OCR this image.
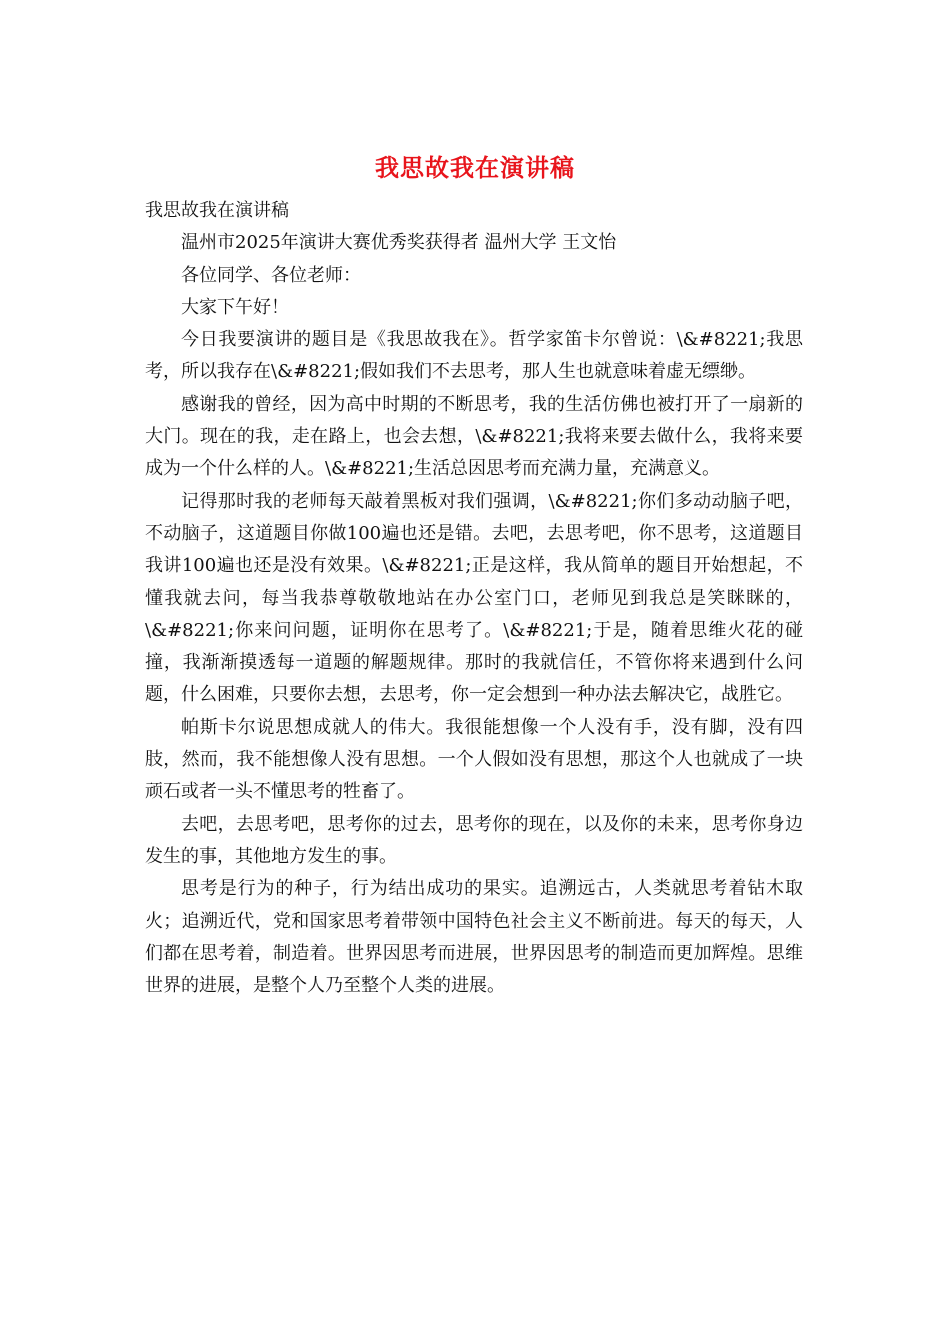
我思故我在演讲稿

我思故我在演讲稿

温州市2025年演讲大赛优秀奖获得者 温州大学 王文怡

各位同学、各位老师：

大家下午好！

今日我要演讲的题目是《我思故我在》。哲学家笛卡尔曾说：\&#8221;我思考，所以我存在\&#8221;假如我们不去思考，那人生也就意味着虚无缥缈。

感谢我的曾经，因为高中时期的不断思考，我的生活仿佛也被打开了一扇新的大门。现在的我，走在路上，也会去想，\&#8221;我将来要去做什么，我将来要成为一个什么样的人。\&#8221;生活总因思考而充满力量，充满意义。

记得那时我的老师每天敲着黑板对我们强调，\&#8221;你们多动动脑子吧，不动脑子，这道题目你做100遍也还是错。去吧，去思考吧，你不思考，这道题目我讲100遍也还是没有效果。\&#8221;正是这样，我从简单的题目开始想起，不懂我就去问，每当我恭尊敬敬地站在办公室门口，老师见到我总是笑眯眯的，\&#8221;你来问问题，证明你在思考了。\&#8221;于是，随着思维火花的碰撞，我渐渐摸透每一道题的解题规律。那时的我就信任，不管你将来遇到什么问题，什么困难，只要你去想，去思考，你一定会想到一种办法去解决它，战胜它。

帕斯卡尔说思想成就人的伟大。我很能想像一个人没有手，没有脚，没有四肢，然而，我不能想像人没有思想。一个人假如没有思想，那这个人也就成了一块顽石或者一头不懂思考的牲畜了。

去吧，去思考吧，思考你的过去，思考你的现在，以及你的未来，思考你身边发生的事，其他地方发生的事。

思考是行为的种子，行为结出成功的果实。追溯远古，人类就思考着钻木取火；追溯近代，党和国家思考着带领中国特色社会主义不断前进。每天的每天，人们都在思考着，制造着。世界因思考而进展，世界因思考的制造而更加辉煌。思维世界的进展，是整个人乃至整个人类的进展。
